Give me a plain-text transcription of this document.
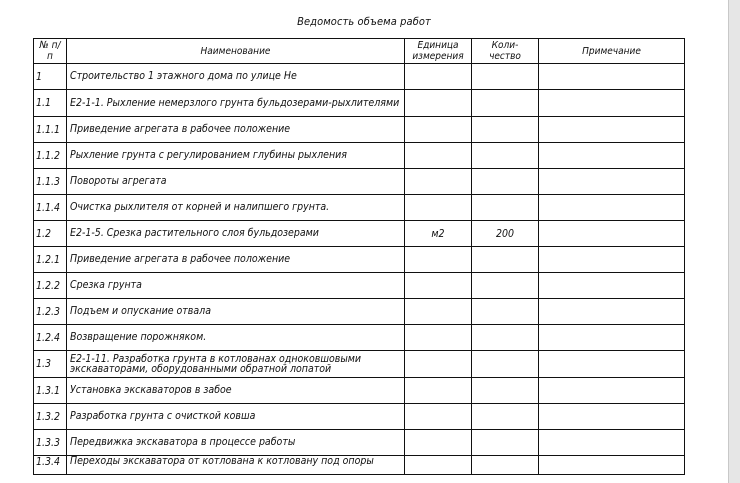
Ведомость объема работ
№ п/п	Наименование	Единица измерения	Коли- чество	Примечание
1	Строительство 1 этажного дома по улице Не			
1.1	Е2-1-1. Рыхление немерзлого грунта бульдозерами-рыхлителями			
1.1.1	Приведение агрегата в рабочее положение			
1.1.2	Рыхление грунта с регулированием глубины рыхления			
1.1.3	Повороты агрегата			
1.1.4	Очистка рыхлителя от корней и налипшего грунта.			
1.2	Е2-1-5. Срезка растительного слоя бульдозерами	м2	200	
1.2.1	Приведение агрегата в рабочее положение			
1.2.2	Срезка грунта			
1.2.3	Подъем и опускание отвала			
1.2.4	Возвращение порожняком.			
1.3	Е2-1-11. Разработка грунта в котлованах одноковшовыми экскаваторами, оборудованными обратной лопатой			
1.3.1	Установка экскаваторов в забое			
1.3.2	Разработка грунта с очисткой ковша			
1.3.3	Передвижка экскаватора в процессе работы			
1.3.4	Переходы экскаватора от котлована к котловану под опоры			
